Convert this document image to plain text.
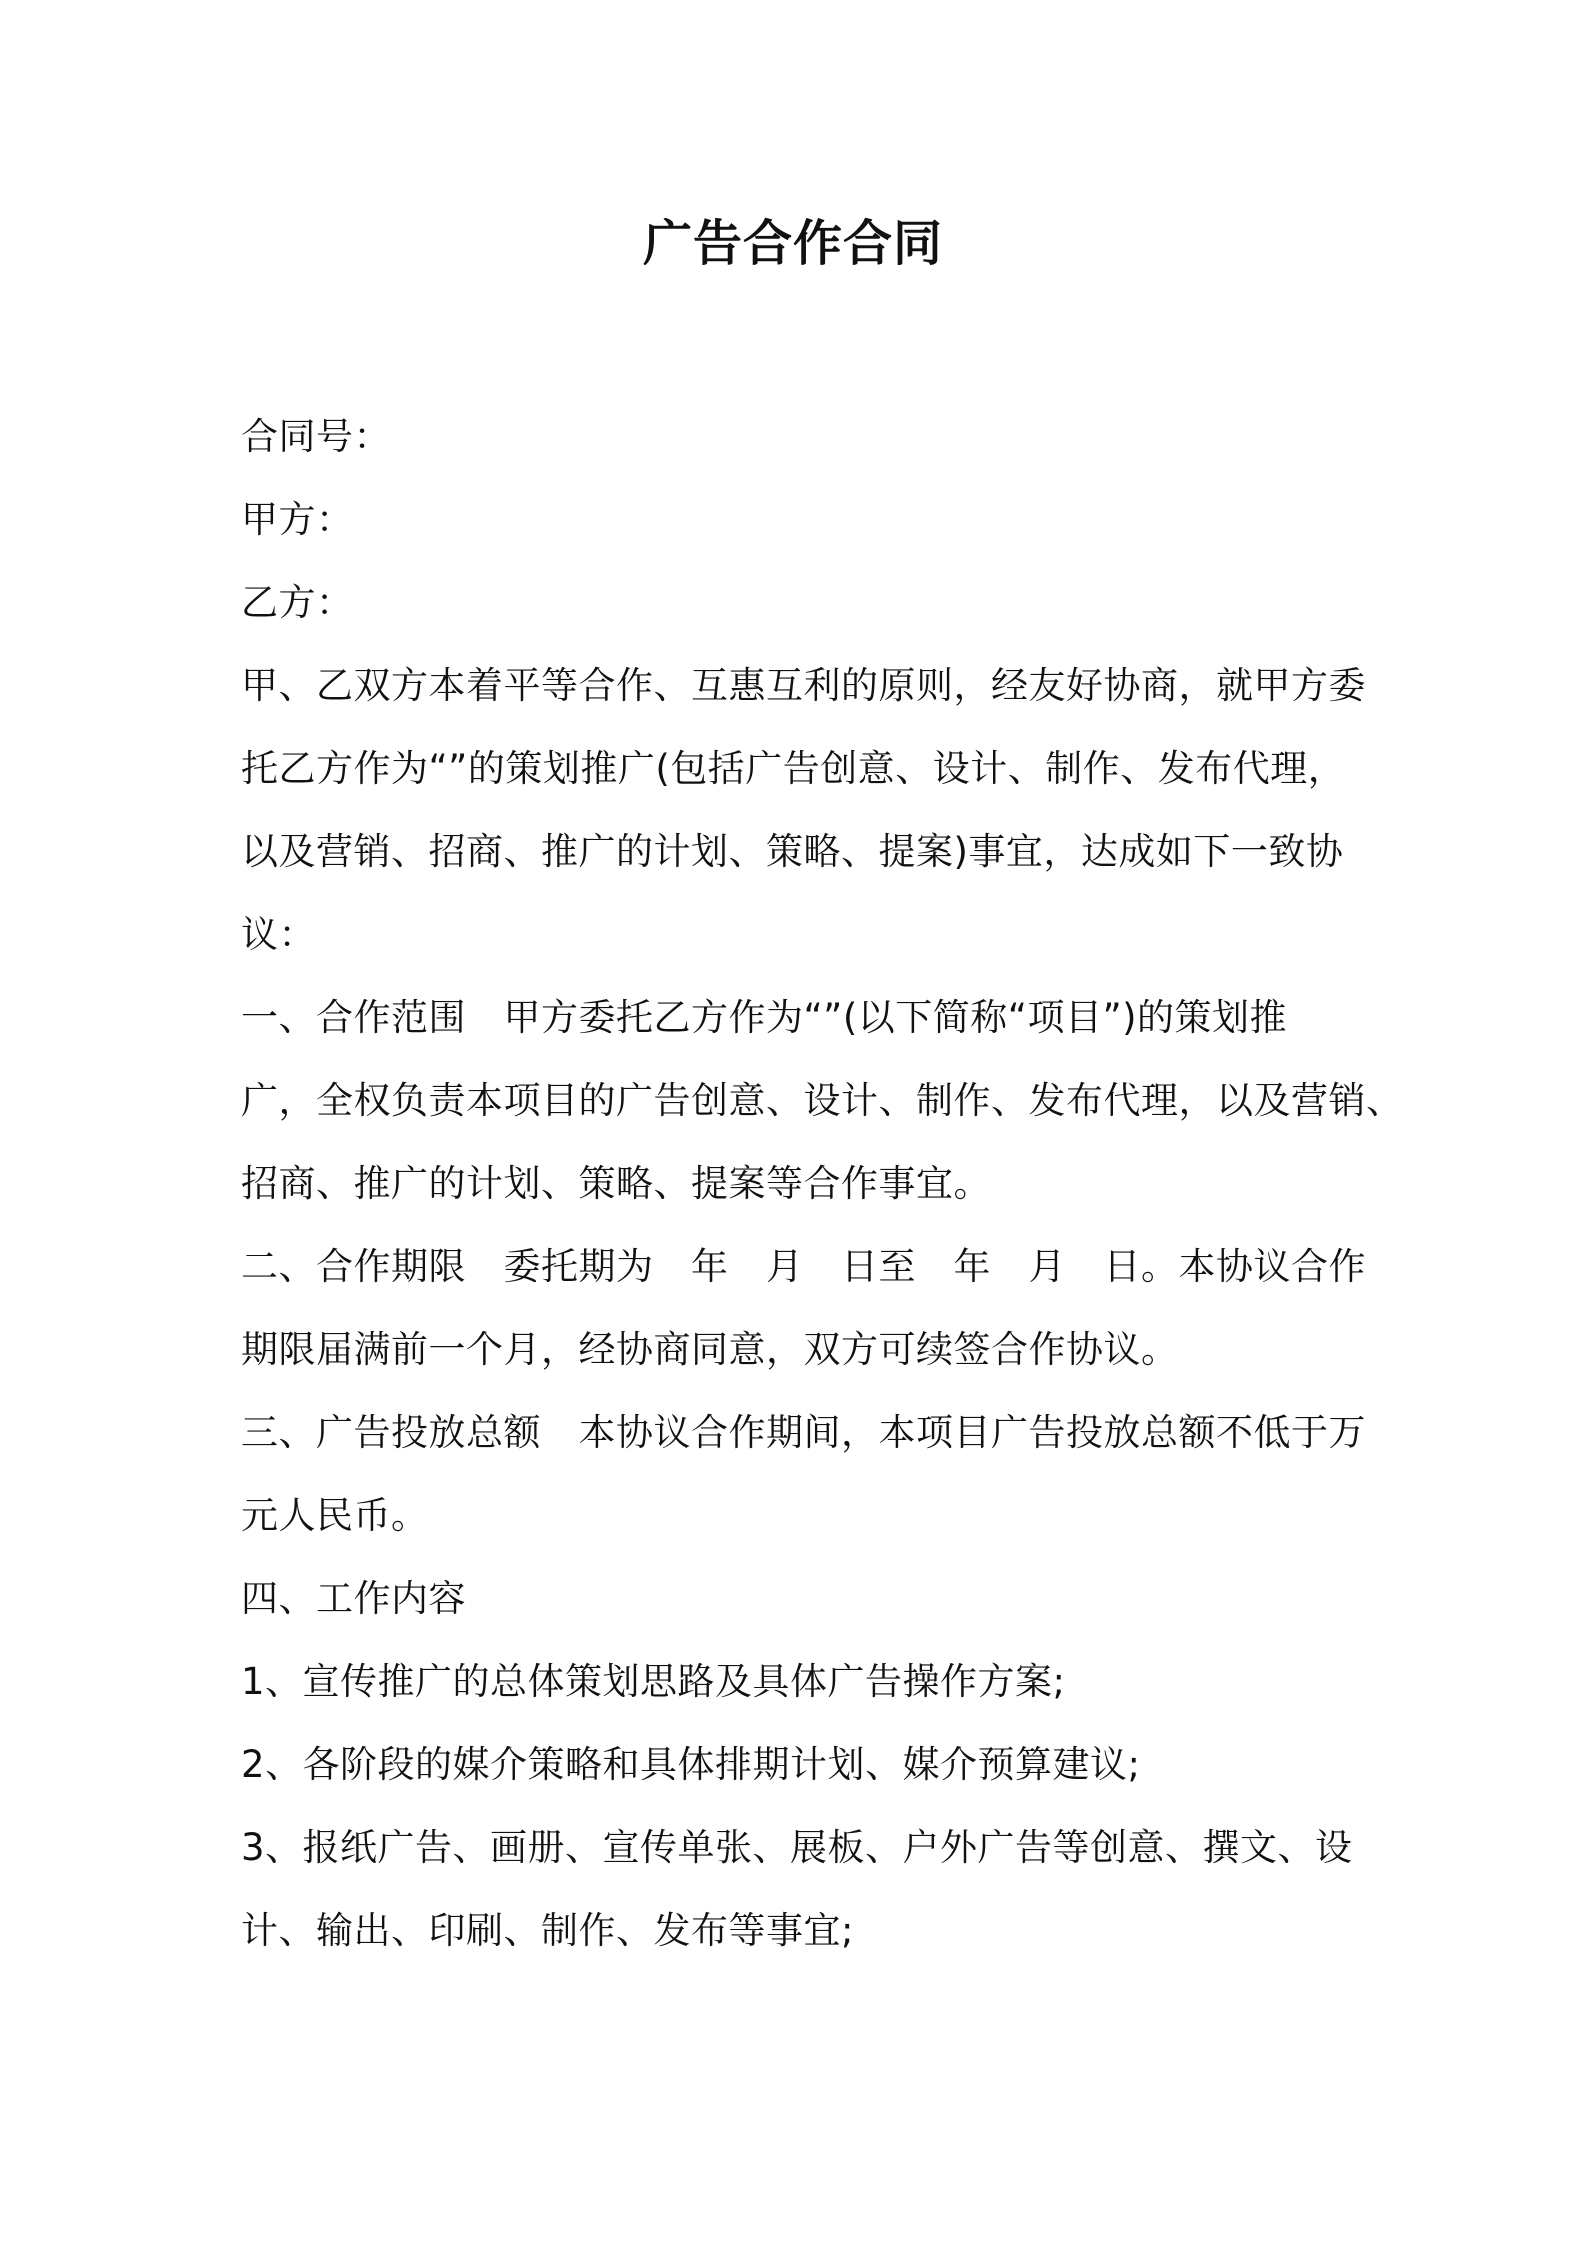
广告合作合同
合同号：
甲方：
乙方：
甲、乙双方本着平等合作、互惠互利的原则，经友好协商，就甲方委
托乙方作为“”的策划推广(包括广告创意、设计、制作、发布代理，
以及营销、招商、推广的计划、策略、提案)事宜，达成如下一致协
议：
一、合作范围　甲方委托乙方作为“”(以下简称“项目”)的策划推
广，全权负责本项目的广告创意、设计、制作、发布代理，以及营销、
招商、推广的计划、策略、提案等合作事宜。
二、合作期限　委托期为　年　月　日至　年　月　日。本协议合作
期限届满前一个月，经协商同意，双方可续签合作协议。
三、广告投放总额　本协议合作期间，本项目广告投放总额不低于万
元人民币。
四、工作内容
1、宣传推广的总体策划思路及具体广告操作方案;
2、各阶段的媒介策略和具体排期计划、媒介预算建议;
3、报纸广告、画册、宣传单张、展板、户外广告等创意、撰文、设
计、输出、印刷、制作、发布等事宜;
